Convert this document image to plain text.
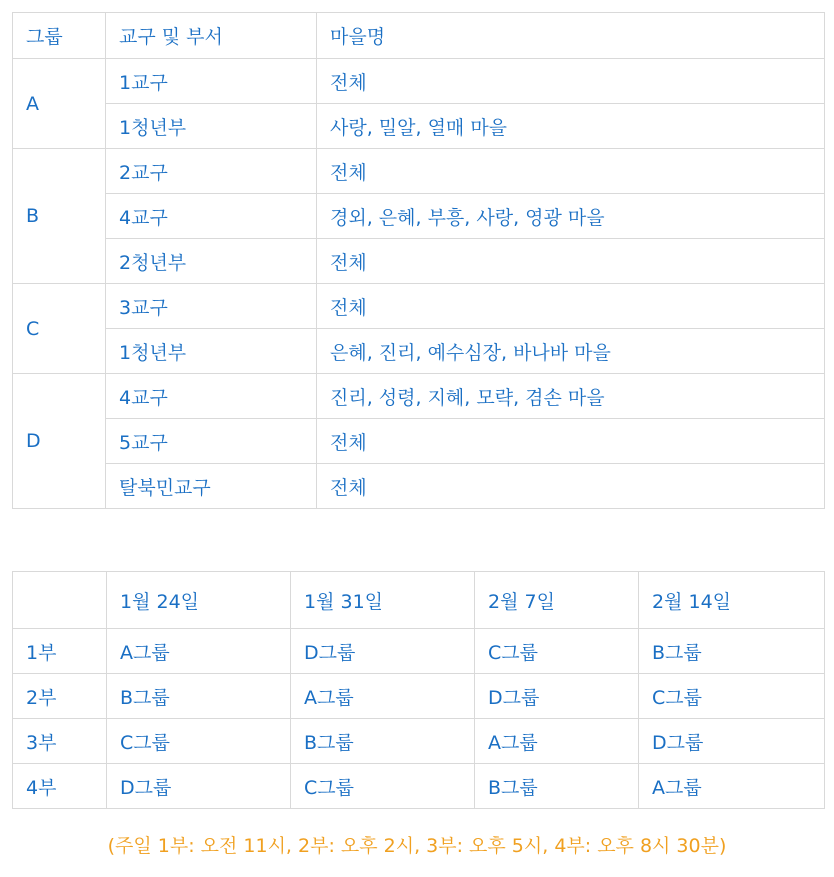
그룹	교구 및 부서	마을명
A	1교구	전체
	1청년부	사랑, 밀알, 열매 마을
B	2교구	전체
	4교구	경외, 은혜, 부흥, 사랑, 영광 마을
	2청년부	전체
C	3교구	전체
	1청년부	은혜, 진리, 예수심장, 바나바 마을
D	4교구	진리, 성령, 지혜, 모략, 겸손 마을
	5교구	전체
	탈북민교구	전체
	1월 24일	1월 31일	2월 7일	2월 14일
1부	A그룹	D그룹	C그룹	B그룹
2부	B그룹	A그룹	D그룹	C그룹
3부	C그룹	B그룹	A그룹	D그룹
4부	D그룹	C그룹	B그룹	A그룹
(주일 1부: 오전 11시, 2부: 오후 2시, 3부: 오후 5시, 4부: 오후 8시 30분)
